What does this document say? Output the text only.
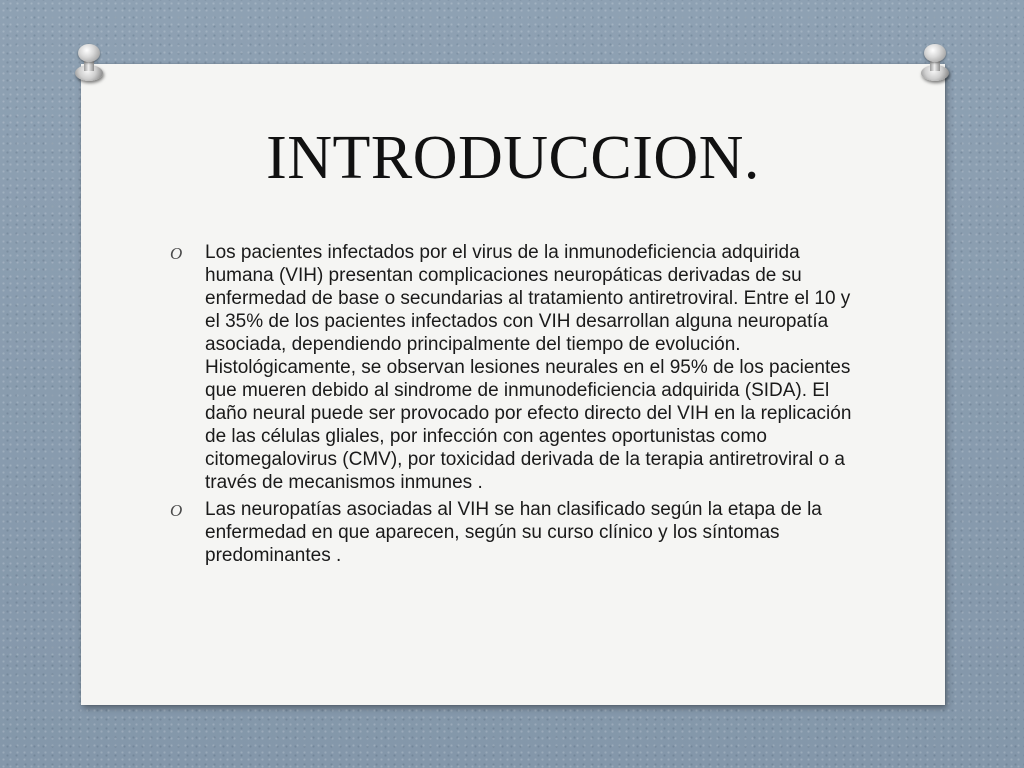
INTRODUCCION.
O Los pacientes infectados por el virus de la inmunodeficiencia adquirida humana (VIH) presentan complicaciones neuropáticas derivadas de su enfermedad de base o secundarias al tratamiento antiretroviral. Entre el 10 y el 35% de los pacientes infectados con VIH desarrollan alguna neuropatía asociada, dependiendo principalmente del tiempo de evolución. Histológicamente, se observan lesiones neurales en el 95% de los pacientes que mueren debido al sindrome de inmunodeficiencia adquirida (SIDA). El daño neural puede ser provocado por efecto directo del VIH en la replicación de las células gliales, por infección con agentes oportunistas como citomegalovirus (CMV), por toxicidad derivada de la terapia antiretroviral o a través de mecanismos inmunes .
O Las neuropatías asociadas al VIH se han clasificado según la etapa de la enfermedad en que aparecen, según su curso clínico y los síntomas predominantes .
